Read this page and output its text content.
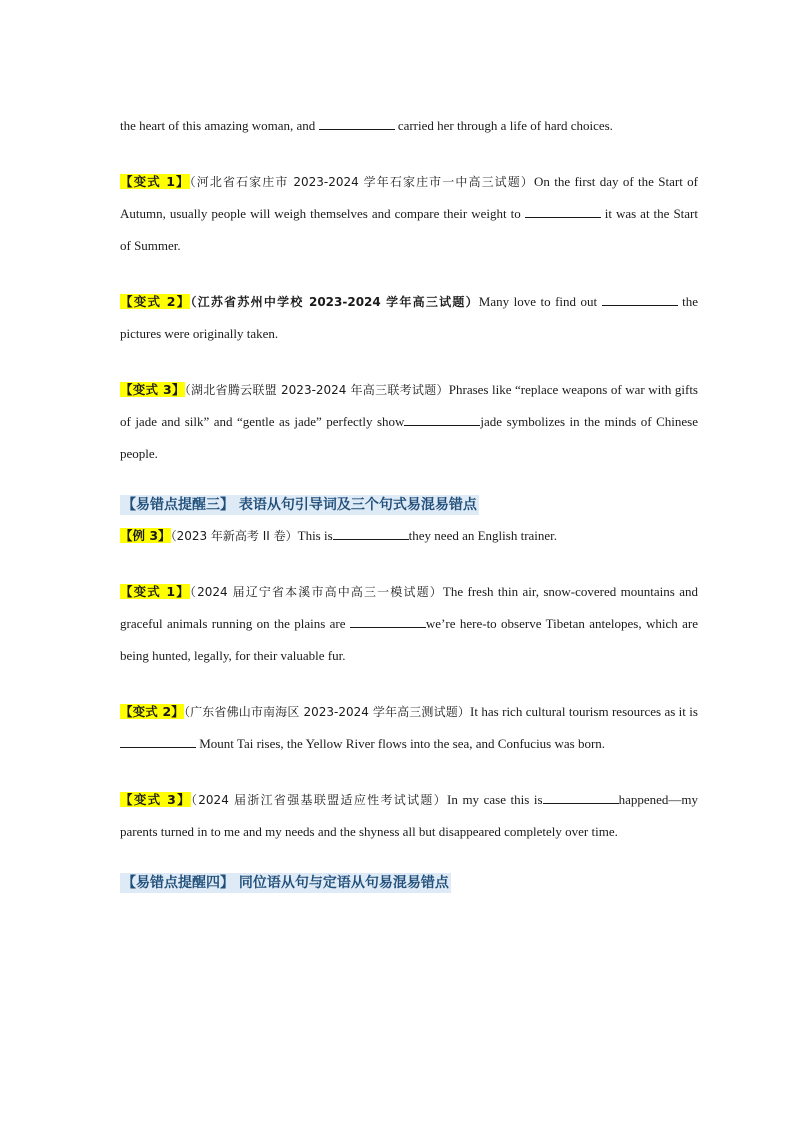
the heart of this amazing woman, and	carried her through a life of hard choices.

【变式 1】（河北省石家庄市 2023-2024 学年石家庄市一中高三试题）On the first day of the Start of Autumn, usually people will weigh themselves and compare their weight to	it was at the Start of Summer.

【变式 2】（江苏省苏州中学校 2023-2024 学年高三试题）Many love to find out	the pictures were originally taken.

【变式 3】（湖北省腾云联盟 2023-2024 年高三联考试题）Phrases like “replace weapons of war with gifts of jade and silk” and “gentle as jade” perfectly show	jade symbolizes in the minds of Chinese people.

【易错点提醒三】 表语从句引导词及三个句式易混易错点

【例 3】（2023 年新高考 II 卷）This is	they need an English trainer.

【变式 1】（2024 届辽宁省本溪市高中高三一模试题）The fresh thin air, snow-covered mountains and graceful animals running on the plains are	we’re here-to observe Tibetan antelopes, which are being hunted, legally, for their valuable fur.

【变式 2】（广东省佛山市南海区 2023-2024 学年高三测试题）It has rich cultural tourism resources as it is Mount Tai rises, the Yellow River flows into the sea, and Confucius was born.

【变式 3】（2024 届浙江省强基联盟适应性考试试题）In my case this is	happened—my parents turned in to me and my needs and the shyness all but disappeared completely over time.

【易错点提醒四】 同位语从句与定语从句易混易错点
